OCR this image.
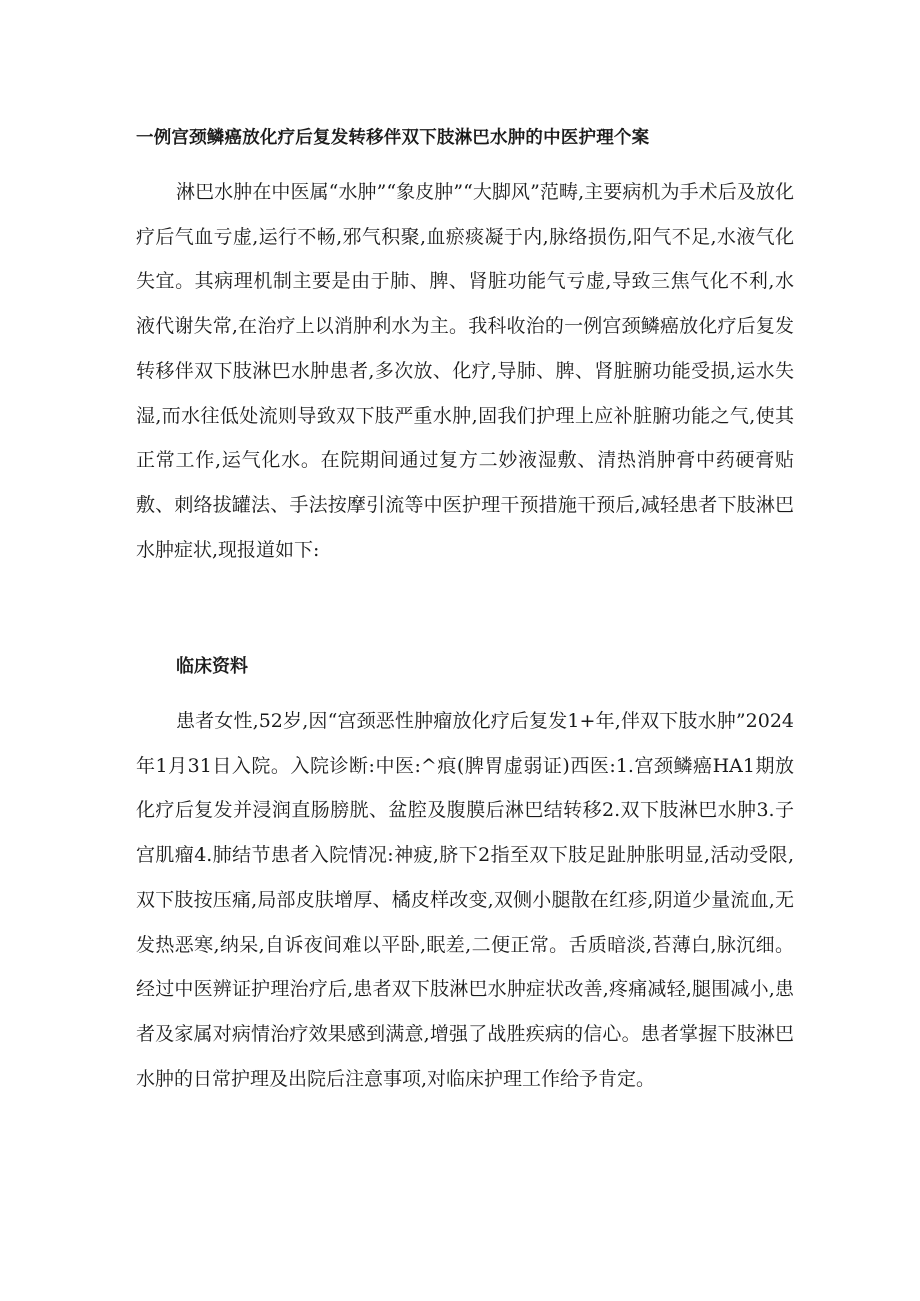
一例宫颈鳞癌放化疗后复发转移伴双下肢淋巴水肿的中医护理个案

淋巴水肿在中医属“水肿”“象皮肿”“大脚风”范畴,主要病机为手术后及放化疗后气血亏虚,运行不畅,邪气积聚,血瘀痰凝于内,脉络损伤,阳气不足,水液气化失宜。其病理机制主要是由于肺、脾、肾脏功能气亏虚,导致三焦气化不利,水液代谢失常,在治疗上以消肿利水为主。我科收治的一例宫颈鳞癌放化疗后复发转移伴双下肢淋巴水肿患者,多次放、化疗,导肺、脾、肾脏腑功能受损,运水失湿,而水往低处流则导致双下肢严重水肿,固我们护理上应补脏腑功能之气,使其正常工作,运气化水。在院期间通过复方二妙液湿敷、清热消肿膏中药硬膏贴敷、刺络拔罐法、手法按摩引流等中医护理干预措施干预后,减轻患者下肢淋巴水肿症状,现报道如下:

临床资料

患者女性,52岁,因“宫颈恶性肿瘤放化疗后复发1+年,伴双下肢水肿”2024年1月31日入院。入院诊断:中医:^痕(脾胃虚弱证)西医:1.宫颈鳞癌HA1期放化疗后复发并浸润直肠膀胱、盆腔及腹膜后淋巴结转移2.双下肢淋巴水肿3.子宫肌瘤4.肺结节患者入院情况:神疲,脐下2指至双下肢足趾肿胀明显,活动受限,双下肢按压痛,局部皮肤增厚、橘皮样改变,双侧小腿散在红疹,阴道少量流血,无发热恶寒,纳呆,自诉夜间难以平卧,眠差,二便正常。舌质暗淡,苔薄白,脉沉细。经过中医辨证护理治疗后,患者双下肢淋巴水肿症状改善,疼痛减轻,腿围减小,患者及家属对病情治疗效果感到满意,增强了战胜疾病的信心。患者掌握下肢淋巴水肿的日常护理及出院后注意事项,对临床护理工作给予肯定。
